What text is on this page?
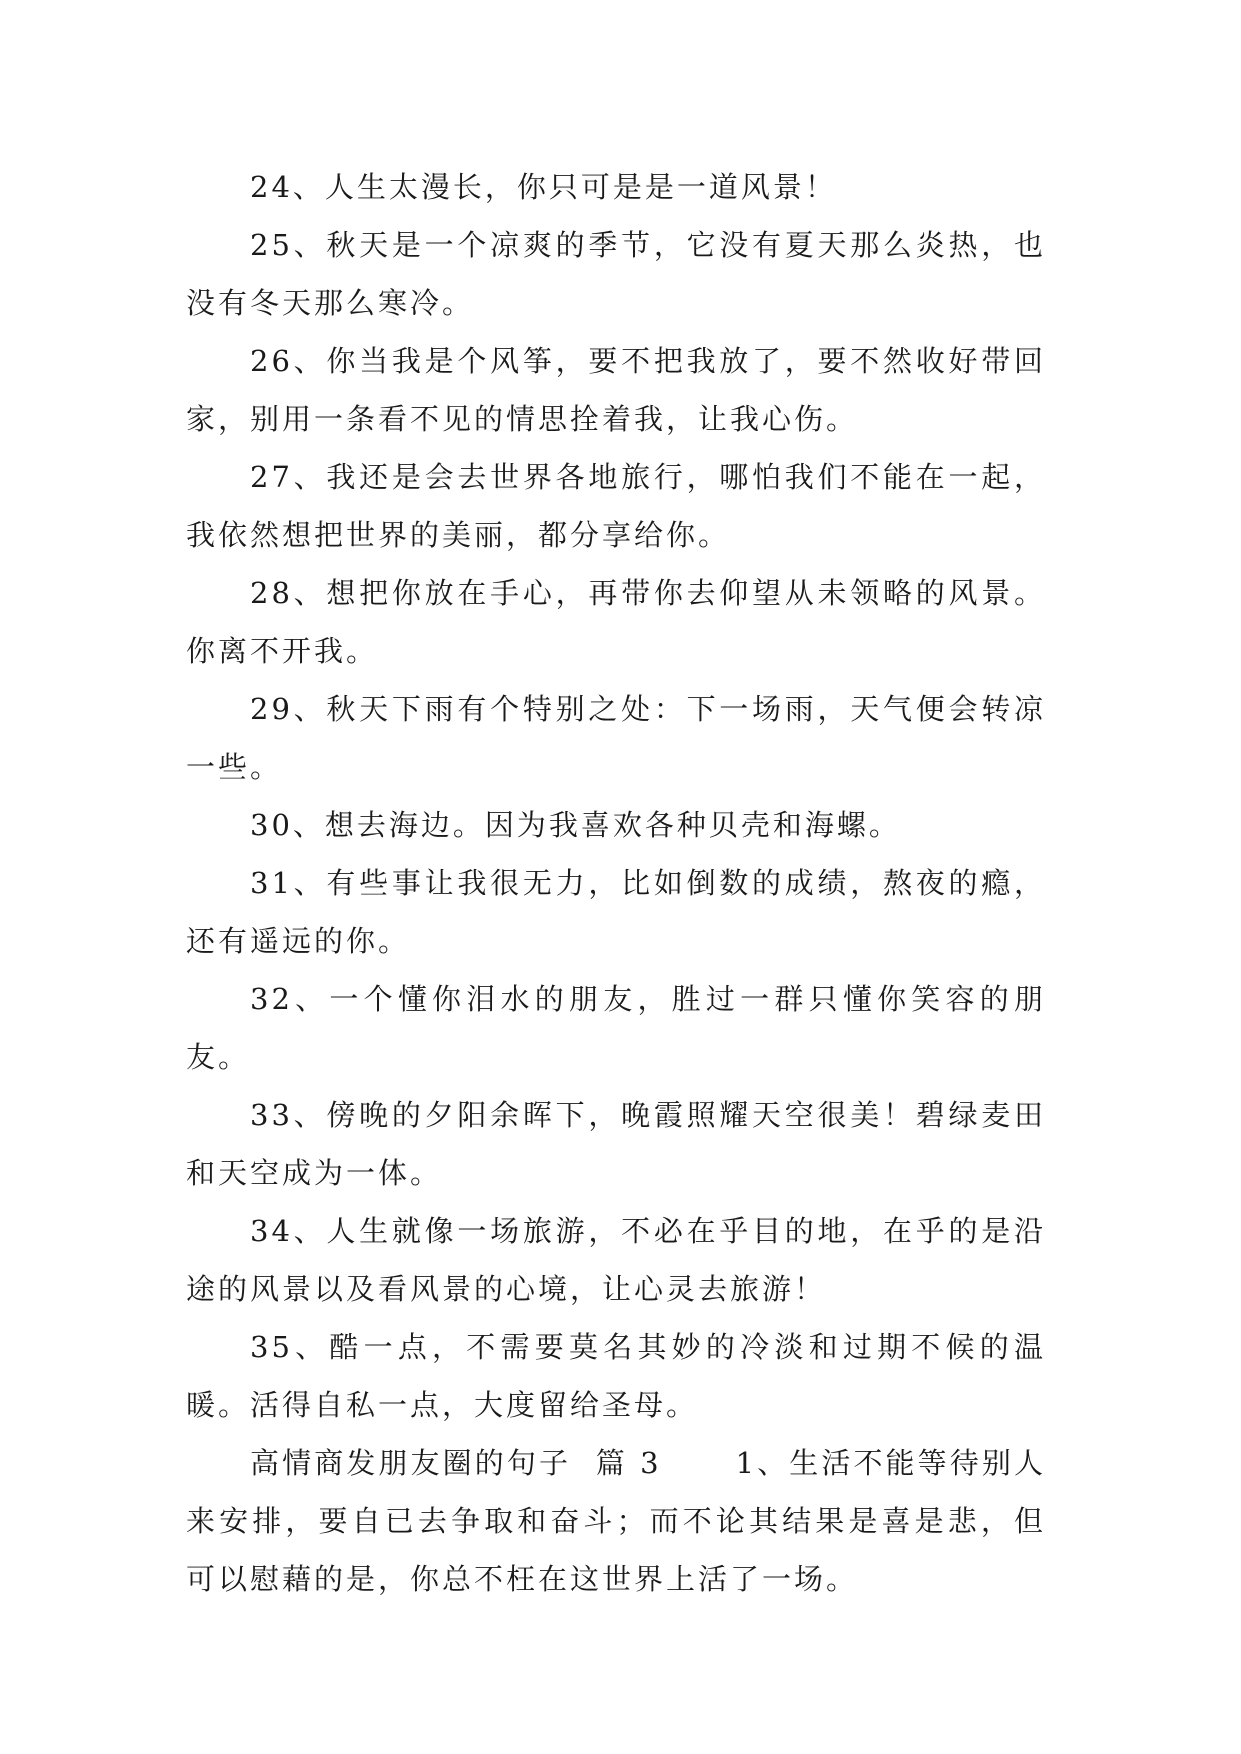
24、人生太漫长，你只可是是一道风景！

25、秋天是一个凉爽的季节，它没有夏天那么炎热，也没有冬天那么寒冷。

26、你当我是个风筝，要不把我放了，要不然收好带回家，别用一条看不见的情思拴着我，让我心伤。

27、我还是会去世界各地旅行，哪怕我们不能在一起，我依然想把世界的美丽，都分享给你。

28、想把你放在手心，再带你去仰望从未领略的风景。你离不开我。

29、秋天下雨有个特别之处：下一场雨，天气便会转凉一些。

30、想去海边。因为我喜欢各种贝壳和海螺。

31、有些事让我很无力，比如倒数的成绩，熬夜的瘾，还有遥远的你。

32、一个懂你泪水的朋友，胜过一群只懂你笑容的朋友。

33、傍晚的夕阳余晖下，晚霞照耀天空很美！碧绿麦田和天空成为一体。

34、人生就像一场旅游，不必在乎目的地，在乎的是沿途的风景以及看风景的心境，让心灵去旅游！

35、酷一点，不需要莫名其妙的冷淡和过期不候的温暖。活得自私一点，大度留给圣母。

高情商发朋友圈的句子  篇 3      1、生活不能等待别人来安排，要自已去争取和奋斗；而不论其结果是喜是悲，但可以慰藉的是，你总不枉在这世界上活了一场。
